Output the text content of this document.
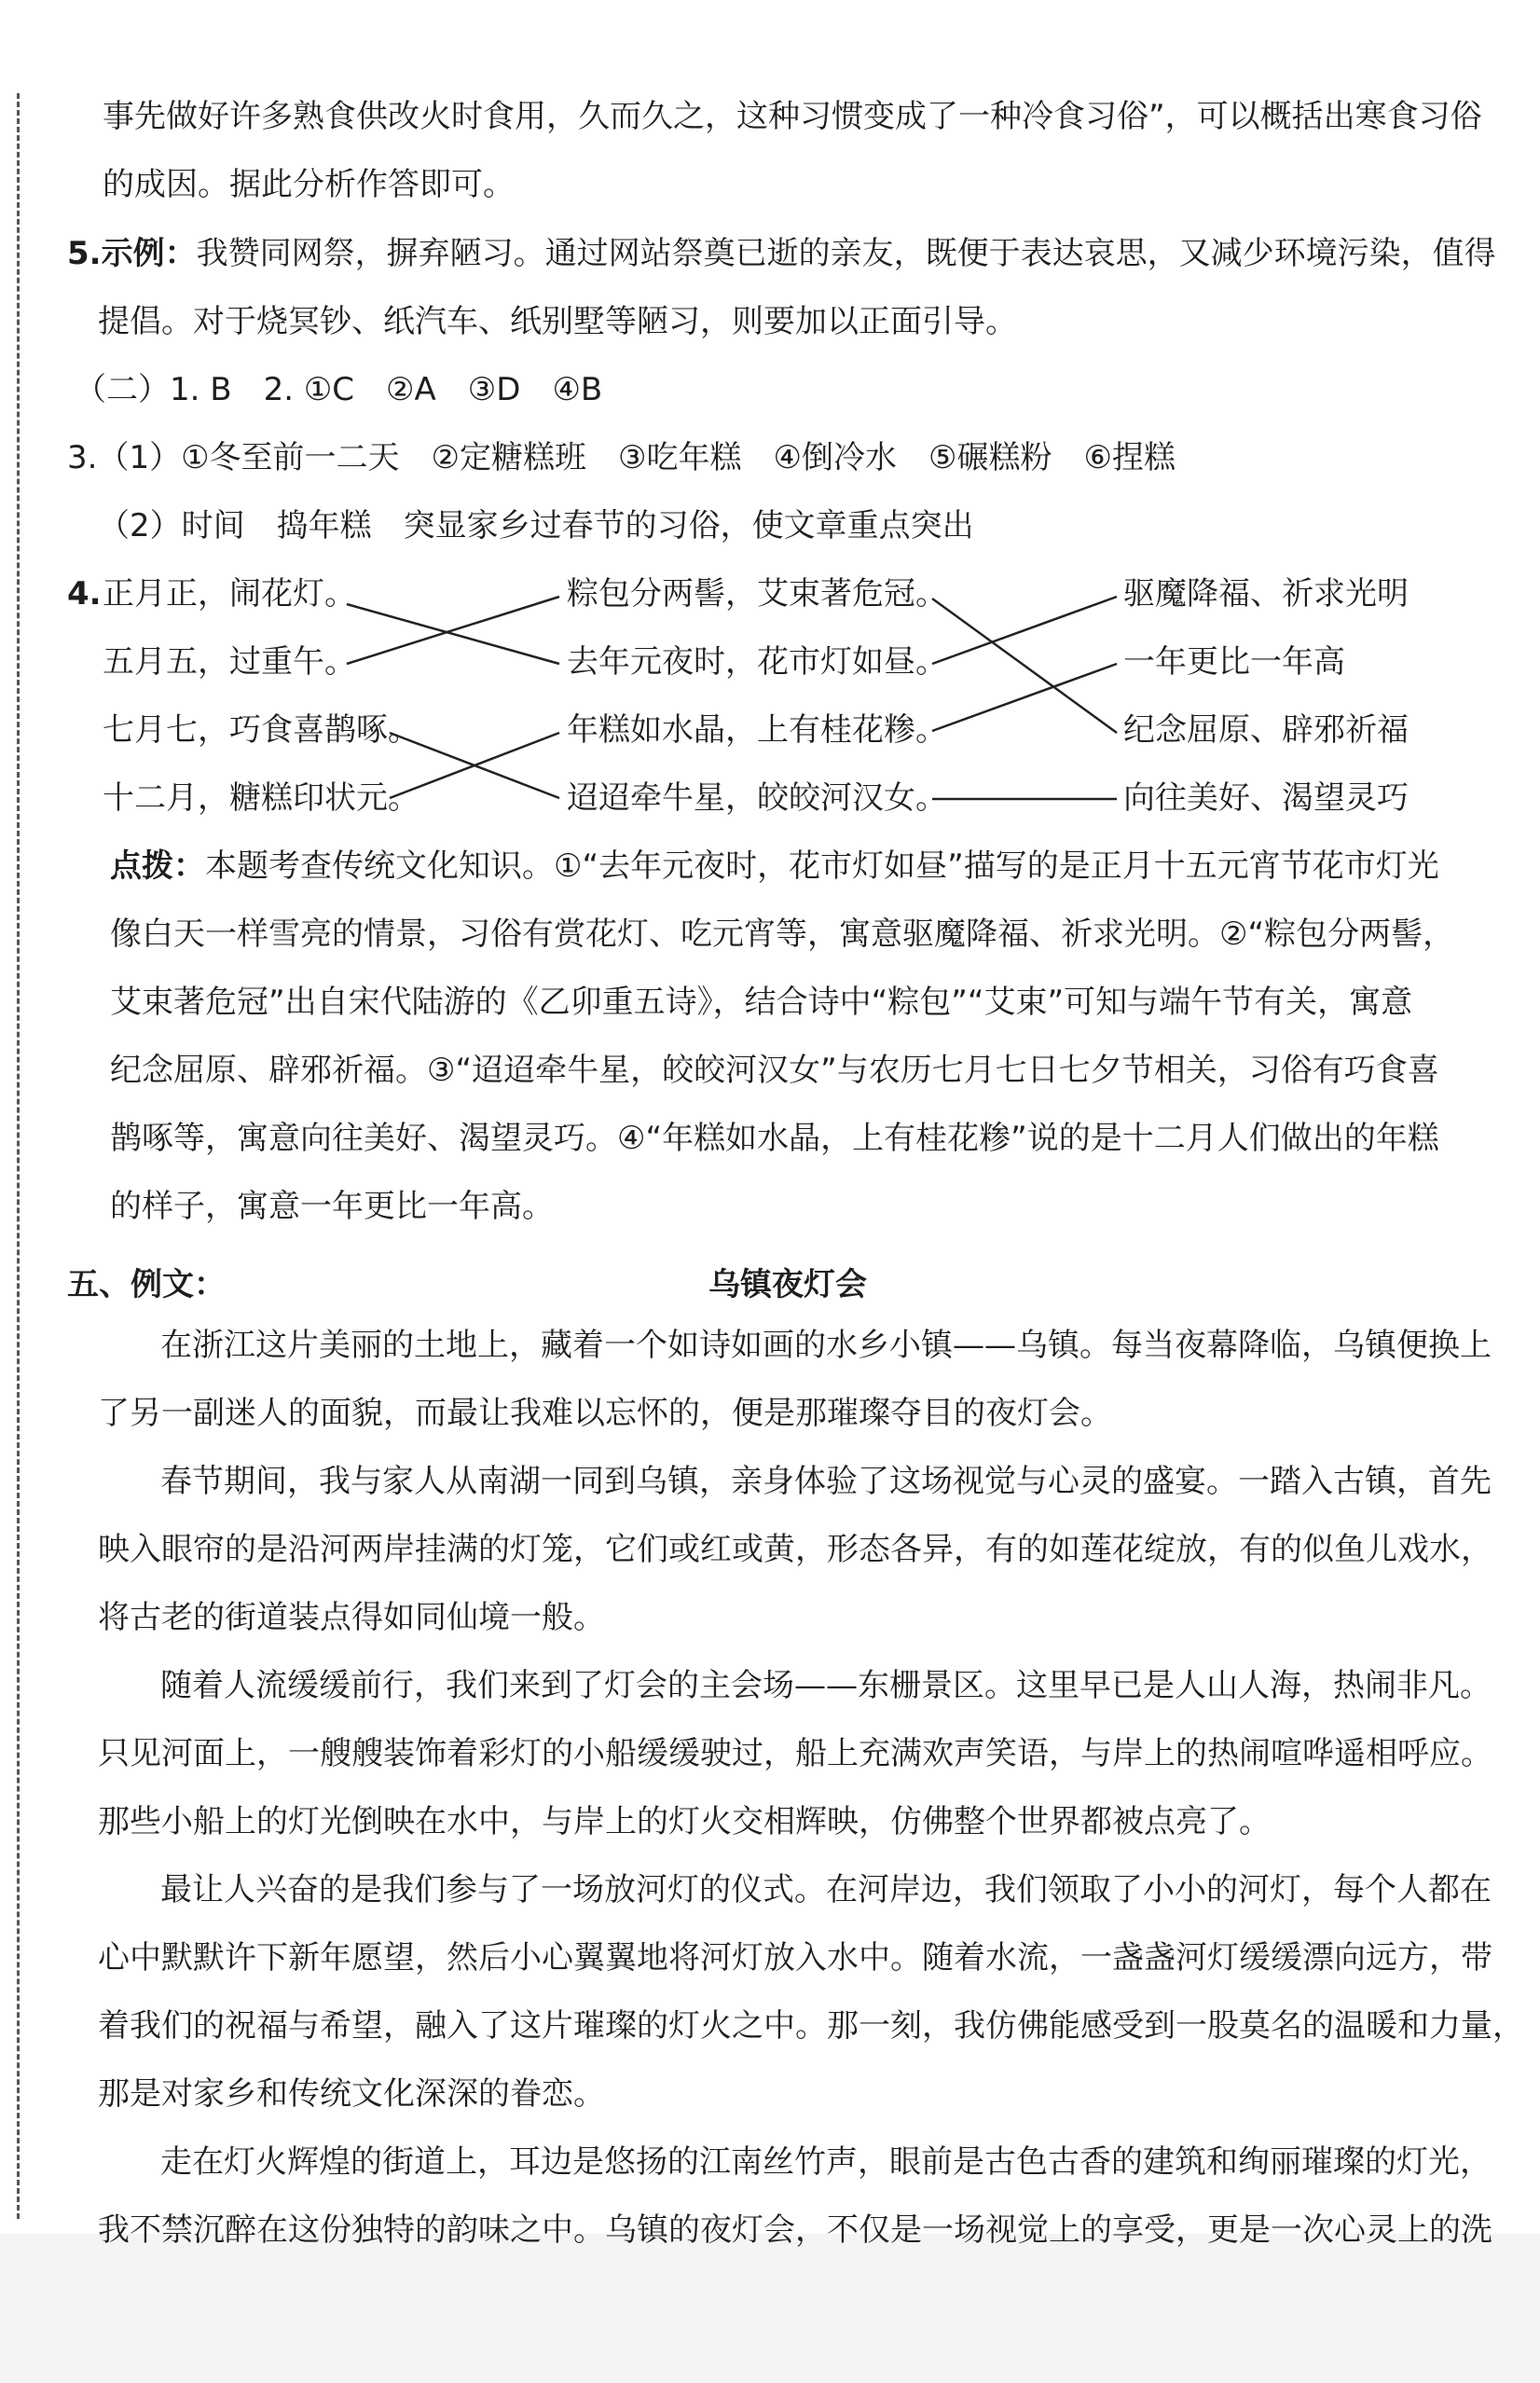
事先做好许多熟食供改火时食用，久而久之，这种习惯变成了一种冷食习俗”，可以概括出寒食习俗
的成因。据此分析作答即可。
5.示例：我赞同网祭，摒弃陋习。通过网站祭奠已逝的亲友，既便于表达哀思，又减少环境污染，值得
提倡。对于烧冥钞、纸汽车、纸别墅等陋习，则要加以正面引导。
（二）1. B　2. ①C　②A　③D　④B
3.（1）①冬至前一二天　②定糖糕班　③吃年糕　④倒冷水　⑤碾糕粉　⑥捏糕
（2）时间　捣年糕　突显家乡过春节的习俗，使文章重点突出
4. 正月正，闹花灯。
五月五，过重午。
七月七，巧食喜鹊啄。
十二月，糖糕印状元。
粽包分两髻，艾束著危冠。
去年元夜时，花市灯如昼。
年糕如水晶，上有桂花糁。
迢迢牵牛星，皎皎河汉女。
驱魔降福、祈求光明
一年更比一年高
纪念屈原、辟邪祈福
向往美好、渴望灵巧
点拨：本题考查传统文化知识。①“去年元夜时，花市灯如昼”描写的是正月十五元宵节花市灯光
像白天一样雪亮的情景，习俗有赏花灯、吃元宵等，寓意驱魔降福、祈求光明。②“粽包分两髻，
艾束著危冠”出自宋代陆游的《乙卯重五诗》，结合诗中“粽包”“艾束”可知与端午节有关，寓意
纪念屈原、辟邪祈福。③“迢迢牵牛星，皎皎河汉女”与农历七月七日七夕节相关，习俗有巧食喜
鹊啄等，寓意向往美好、渴望灵巧。④“年糕如水晶，上有桂花糁”说的是十二月人们做出的年糕
的样子，寓意一年更比一年高。
五、例文：	乌镇夜灯会
在浙江这片美丽的土地上，藏着一个如诗如画的水乡小镇——乌镇。每当夜幕降临，乌镇便换上
了另一副迷人的面貌，而最让我难以忘怀的，便是那璀璨夺目的夜灯会。
春节期间，我与家人从南湖一同到乌镇，亲身体验了这场视觉与心灵的盛宴。一踏入古镇，首先
映入眼帘的是沿河两岸挂满的灯笼，它们或红或黄，形态各异，有的如莲花绽放，有的似鱼儿戏水，
将古老的街道装点得如同仙境一般。
随着人流缓缓前行，我们来到了灯会的主会场——东栅景区。这里早已是人山人海，热闹非凡。
只见河面上，一艘艘装饰着彩灯的小船缓缓驶过，船上充满欢声笑语，与岸上的热闹喧哗遥相呼应。
那些小船上的灯光倒映在水中，与岸上的灯火交相辉映，仿佛整个世界都被点亮了。
最让人兴奋的是我们参与了一场放河灯的仪式。在河岸边，我们领取了小小的河灯，每个人都在
心中默默许下新年愿望，然后小心翼翼地将河灯放入水中。随着水流，一盏盏河灯缓缓漂向远方，带
着我们的祝福与希望，融入了这片璀璨的灯火之中。那一刻，我仿佛能感受到一股莫名的温暖和力量，
那是对家乡和传统文化深深的眷恋。
走在灯火辉煌的街道上，耳边是悠扬的江南丝竹声，眼前是古色古香的建筑和绚丽璀璨的灯光，
我不禁沉醉在这份独特的韵味之中。乌镇的夜灯会，不仅是一场视觉上的享受，更是一次心灵上的洗
